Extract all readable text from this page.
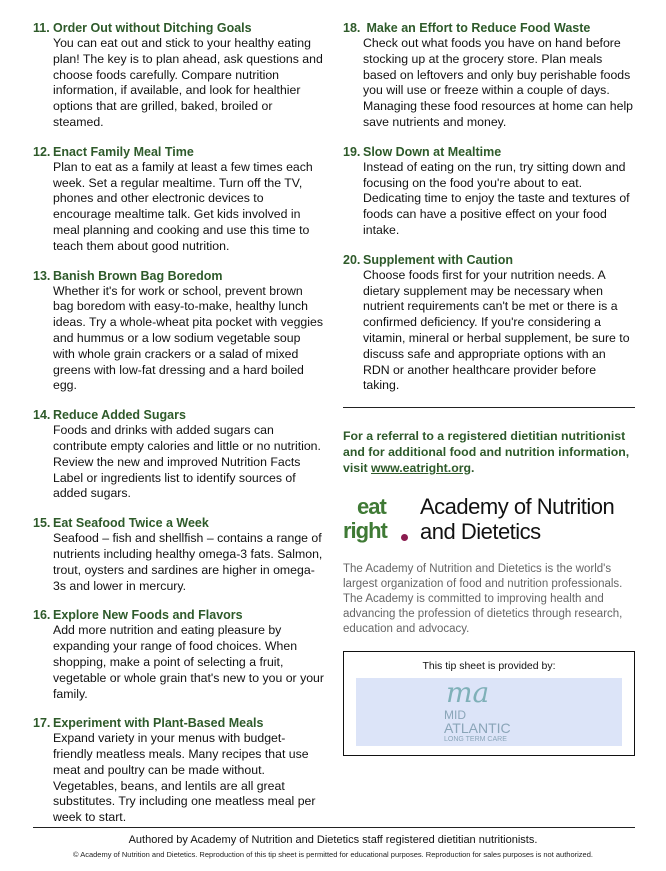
11. Order Out without Ditching Goals

You can eat out and stick to your healthy eating plan! The key is to plan ahead, ask questions and choose foods carefully. Compare nutrition information, if available, and look for healthier options that are grilled, baked, broiled or steamed.

12. Enact Family Meal Time

Plan to eat as a family at least a few times each week. Set a regular mealtime. Turn off the TV, phones and other electronic devices to encourage mealtime talk. Get kids involved in meal planning and cooking and use this time to teach them about good nutrition.

13. Banish Brown Bag Boredom

Whether it's for work or school, prevent brown bag boredom with easy-to-make, healthy lunch ideas. Try a whole-wheat pita pocket with veggies and hummus or a low sodium vegetable soup with whole grain crackers or a salad of mixed greens with low-fat dressing and a hard boiled egg.

14. Reduce Added Sugars

Foods and drinks with added sugars can contribute empty calories and little or no nutrition. Review the new and improved Nutrition Facts Label or ingredients list to identify sources of added sugars.

15. Eat Seafood Twice a Week

Seafood – fish and shellfish – contains a range of nutrients including healthy omega-3 fats. Salmon, trout, oysters and sardines are higher in omega-3s and lower in mercury.

16. Explore New Foods and Flavors

Add more nutrition and eating pleasure by expanding your range of food choices. When shopping, make a point of selecting a fruit, vegetable or whole grain that's new to you or your family.

17. Experiment with Plant-Based Meals

Expand variety in your menus with budget-friendly meatless meals. Many recipes that use meat and poultry can be made without. Vegetables, beans, and lentils are all great substitutes. Try including one meatless meal per week to start.

18. Make an Effort to Reduce Food Waste

Check out what foods you have on hand before stocking up at the grocery store. Plan meals based on leftovers and only buy perishable foods you will use or freeze within a couple of days. Managing these food resources at home can help save nutrients and money.

19. Slow Down at Mealtime

Instead of eating on the run, try sitting down and focusing on the food you're about to eat. Dedicating time to enjoy the taste and textures of foods can have a positive effect on your food intake.

20. Supplement with Caution

Choose foods first for your nutrition needs. A dietary supplement may be necessary when nutrient requirements can't be met or there is a confirmed deficiency. If you're considering a vitamin, mineral or herbal supplement, be sure to discuss safe and appropriate options with an RDN or another healthcare provider before taking.

For a referral to a registered dietitian nutritionist and for additional food and nutrition information, visit www.eatright.org.
eat
right
Academy of Nutrition
and Dietetics
The Academy of Nutrition and Dietetics is the world's largest organization of food and nutrition professionals. The Academy is committed to improving health and advancing the profession of dietetics through research, education and advocacy.
This tip sheet is provided by:
ma
MID
ATLANTIC
LONG TERM CARE
Authored by Academy of Nutrition and Dietetics staff registered dietitian nutritionists.
© Academy of Nutrition and Dietetics. Reproduction of this tip sheet is permitted for educational purposes. Reproduction for sales purposes is not authorized.
